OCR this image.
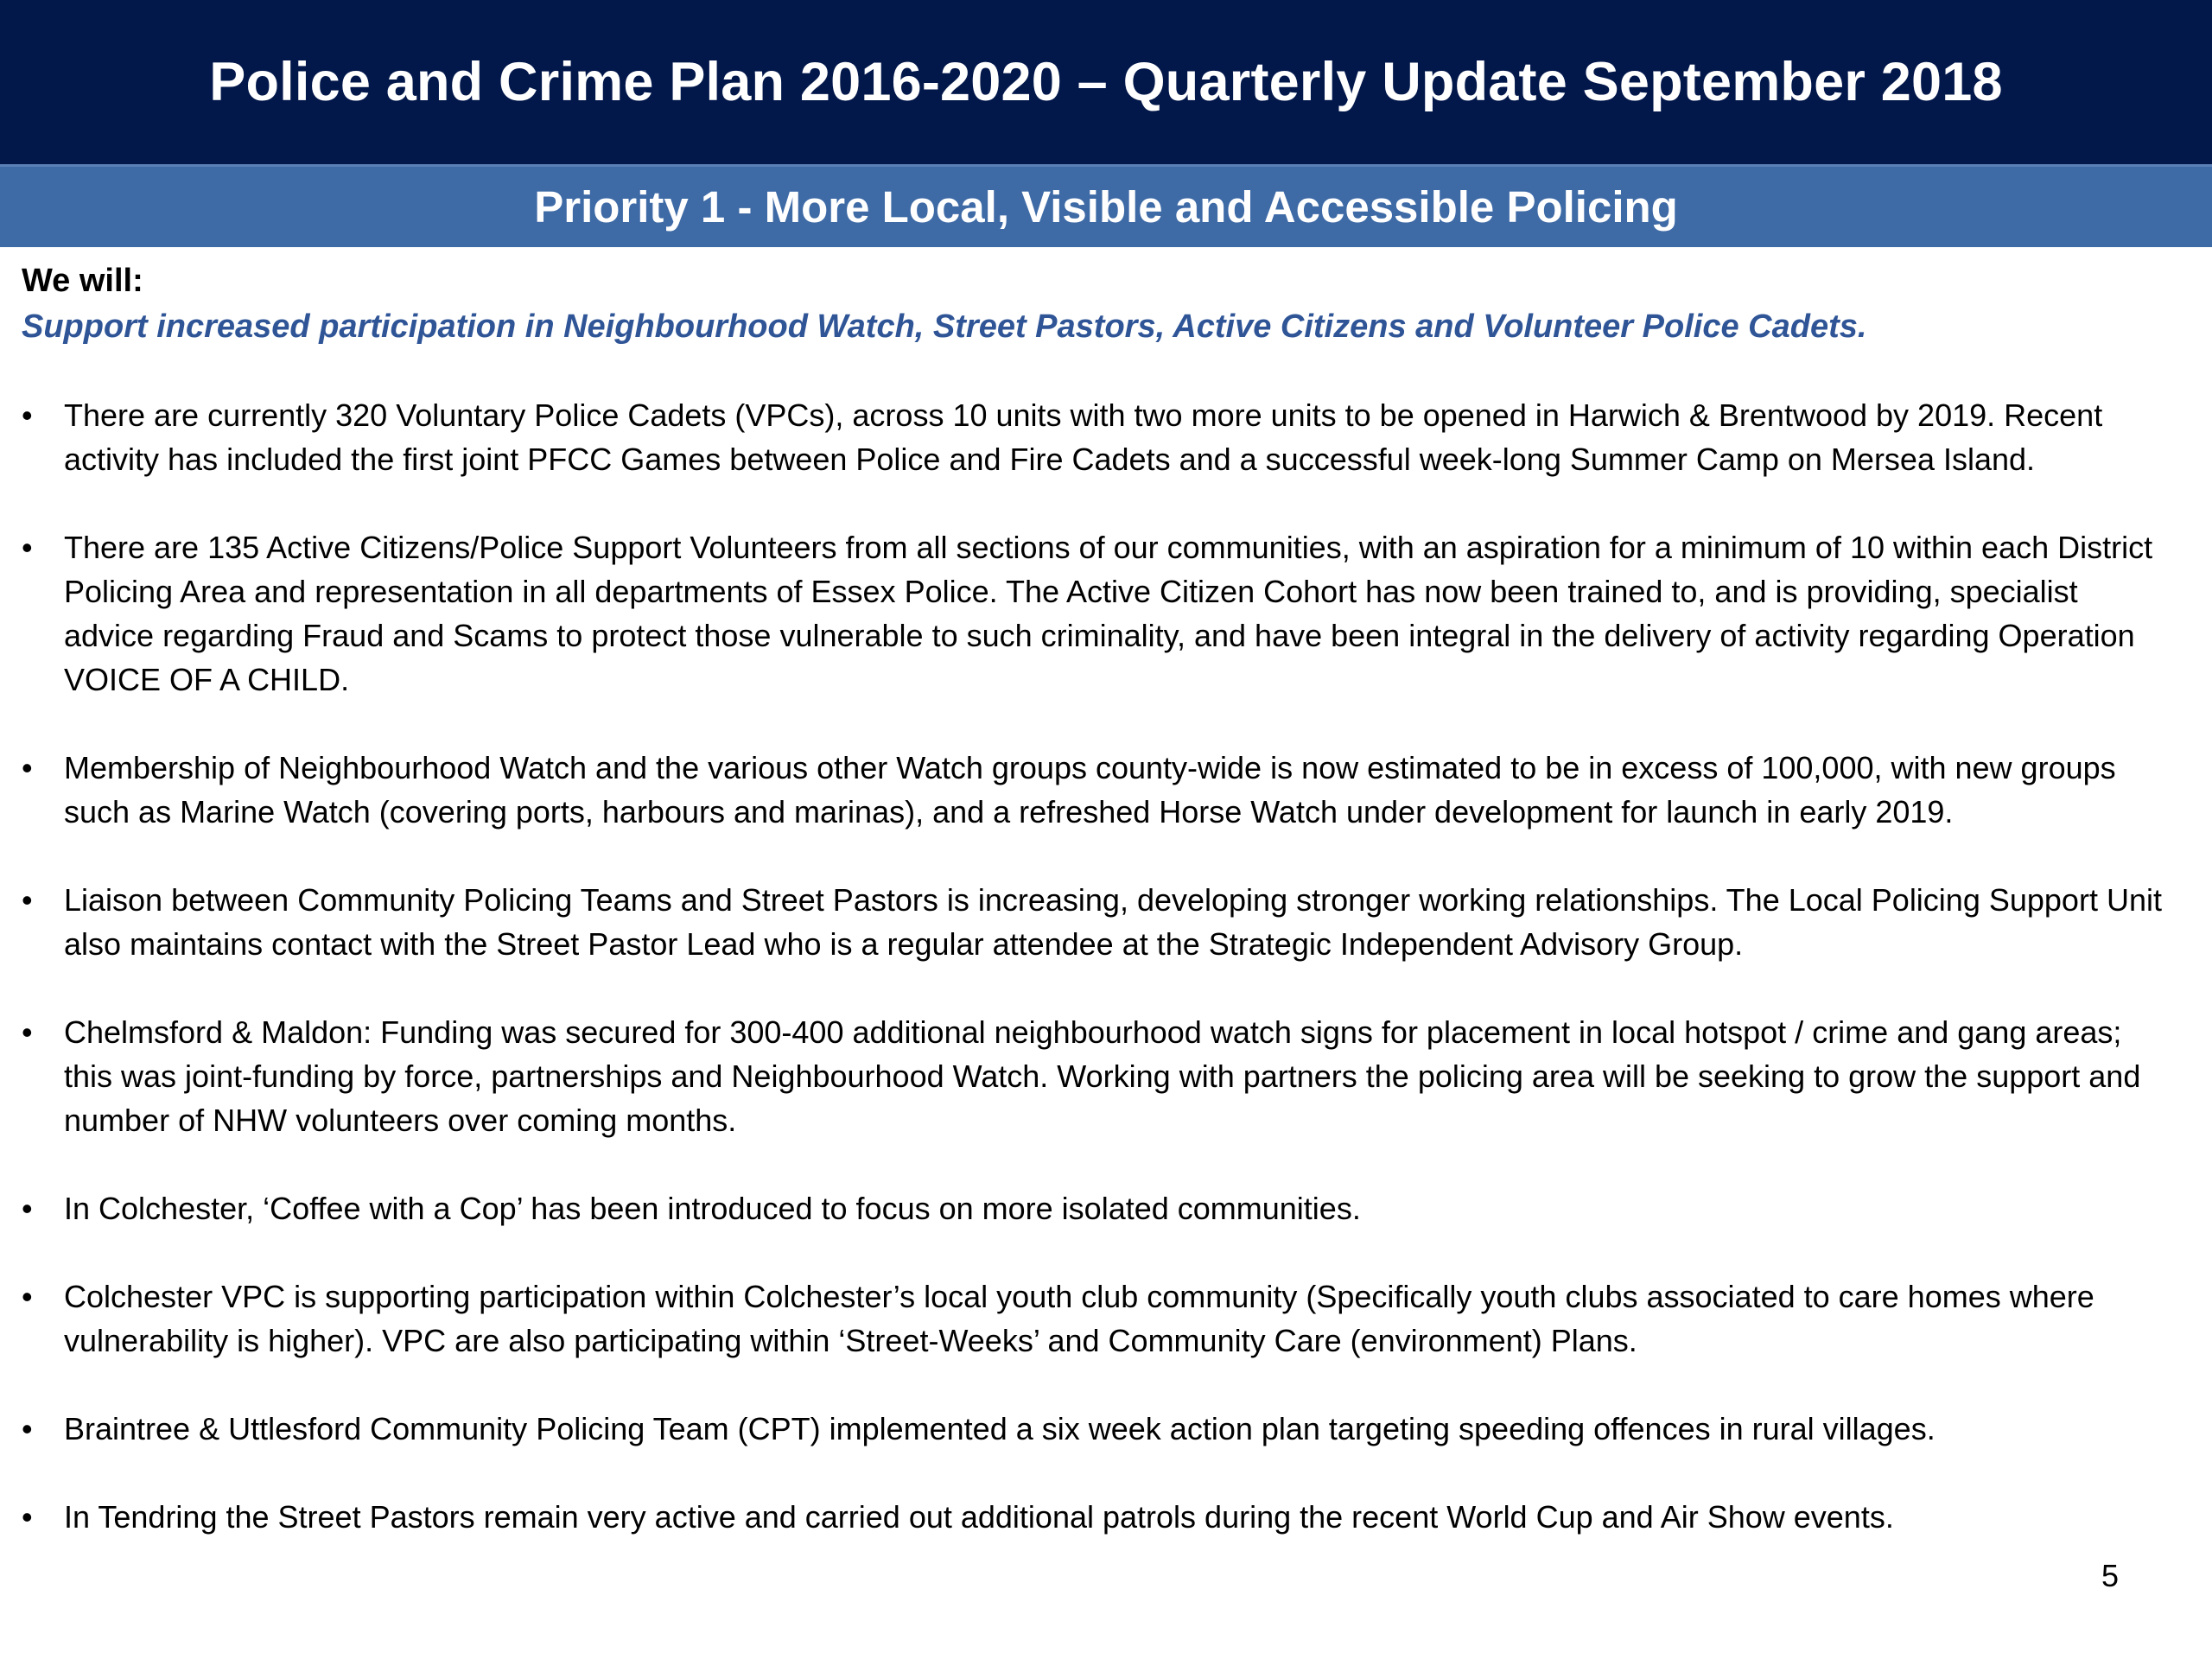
Police and Crime Plan 2016-2020 – Quarterly Update September 2018
Priority 1 - More Local, Visible and Accessible Policing

We will:

Support increased participation in Neighbourhood Watch, Street Pastors, Active Citizens and Volunteer Police Cadets.

• There are currently 320 Voluntary Police Cadets (VPCs), across 10 units with two more units to be opened in Harwich & Brentwood by 2019. Recent activity has included the first joint PFCC Games between Police and Fire Cadets and a successful week-long Summer Camp on Mersea Island.
• There are 135 Active Citizens/Police Support Volunteers from all sections of our communities, with an aspiration for a minimum of 10 within each District Policing Area and representation in all departments of Essex Police. The Active Citizen Cohort has now been trained to, and is providing, specialist advice regarding Fraud and Scams to protect those vulnerable to such criminality, and have been integral in the delivery of activity regarding Operation VOICE OF A CHILD.
• Membership of Neighbourhood Watch and the various other Watch groups county-wide is now estimated to be in excess of 100,000, with new groups such as Marine Watch (covering ports, harbours and marinas), and a refreshed Horse Watch under development for launch in early 2019.
• Liaison between Community Policing Teams and Street Pastors is increasing, developing stronger working relationships. The Local Policing Support Unit also maintains contact with the Street Pastor Lead who is a regular attendee at the Strategic Independent Advisory Group.
• Chelmsford & Maldon: Funding was secured for 300-400 additional neighbourhood watch signs for placement in local hotspot / crime and gang areas; this was joint-funding by force, partnerships and Neighbourhood Watch. Working with partners the policing area will be seeking to grow the support and number of NHW volunteers over coming months.
• In Colchester, ‘Coffee with a Cop’ has been introduced to focus on more isolated communities.
• Colchester VPC is supporting participation within Colchester’s local youth club community (Specifically youth clubs associated to care homes where vulnerability is higher). VPC are also participating within ‘Street-Weeks’ and Community Care (environment) Plans.
• Braintree & Uttlesford Community Policing Team (CPT) implemented a six week action plan targeting speeding offences in rural villages.
• In Tendring the Street Pastors remain very active and carried out additional patrols during the recent World Cup and Air Show events.
5
